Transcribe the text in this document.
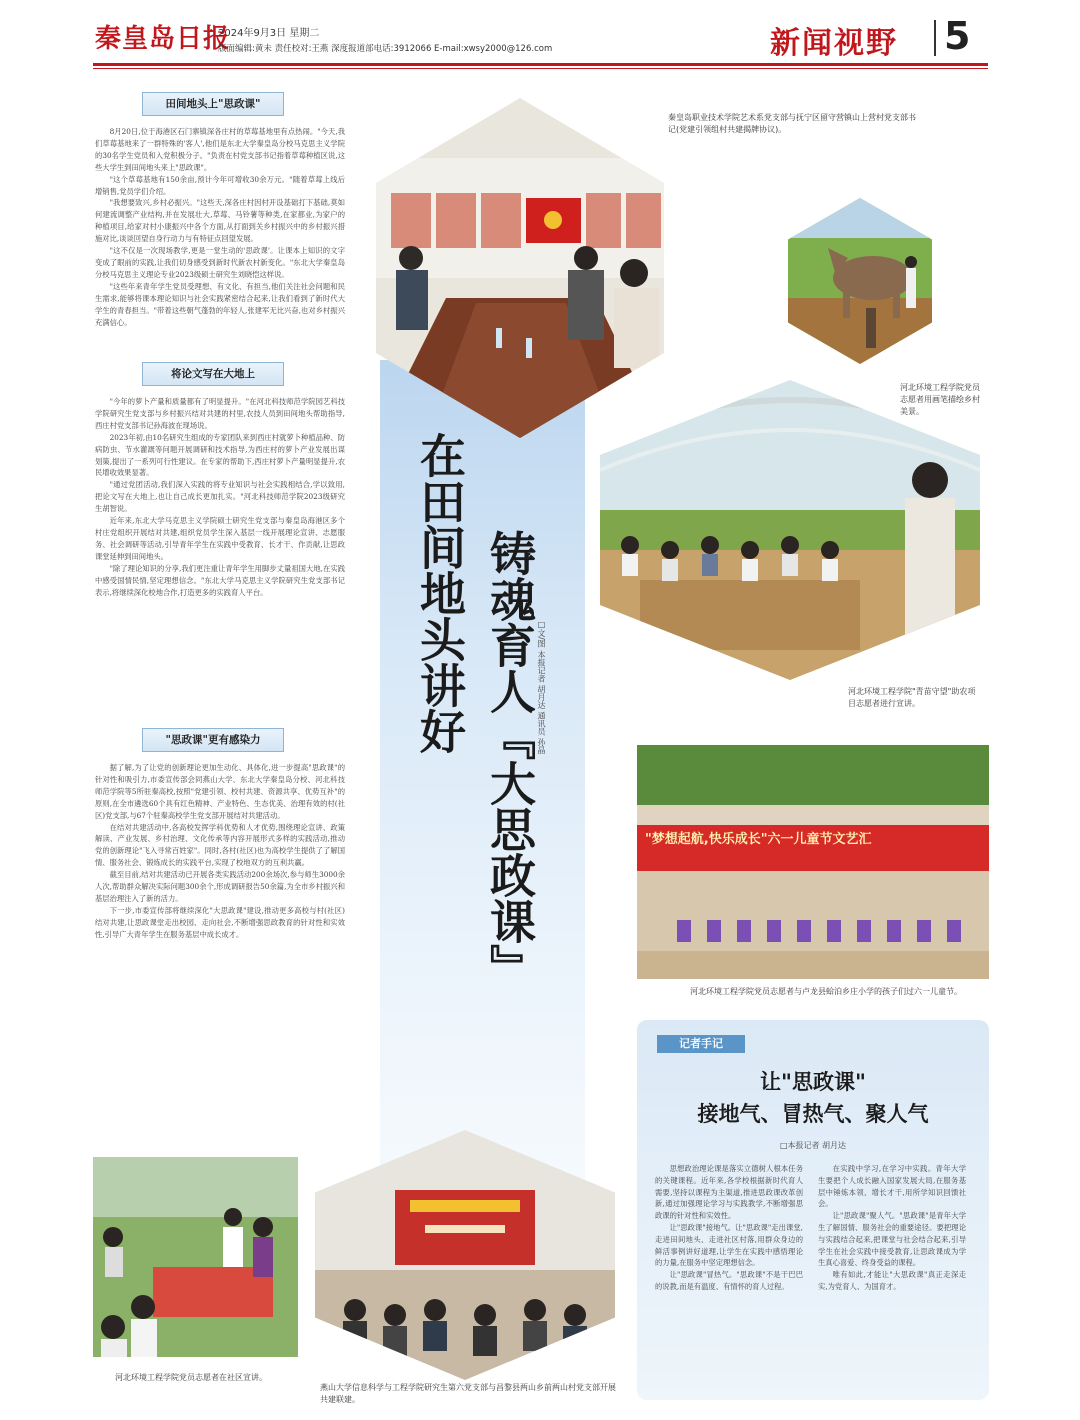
秦皇岛日报
2024年9月3日 星期二
版面编辑:黄未 责任校对:王燕 深度报道部电话:3912066 E-mail:xwsy2000@126.com	新闻视野 5
田间地头上"思政课"

8月20日,位于海港区石门寨镇深各庄村的草莓基地里有点热闹。"今天,我们草莓基地来了一群特殊的'客人',他们是东北大学秦皇岛分校马克思主义学院的30名学生党员和入党积极分子。"负责在村党支部书记指着草莓种植区说,这些大学生到田间地头来上"思政课"。

"这个草莓基地有150余亩,预计今年可增收30余万元。"随着草莓上线后增销售,党员学们介绍。

"我想要致兴,乡村必振兴。"这些天,深各庄村因村开设基础打下基础,莫如何建流调整产业结构,并在发展壮大,草莓、马铃薯等种类,在家都业,为家户的种植项目,给家对村小康振兴中各个方面,从打面到关乡村振兴中的乡村振兴措施对比,谈谈回望自身行动力与有特征点回望发展。

"这不仅是一次现场教学,更是一堂生动的'思政课'。让课本上知识的文字变成了眼前的实践,让我们切身感受到新时代新农村新变化。"东北大学秦皇岛分校马克思主义理论专业2023级硕士研究生刘晓恺这样说。

"这些年来青年学生党员受理想、有文化、有担当,他们关注社会问题和民生需求,能够将课本理论知识与社会实践紧密结合起来,让我们看到了新时代大学生的青春担当。"带着这些朝气蓬勃的年轻人,张建军无比兴奋,也对乡村振兴充满信心。

将论文写在大地上

"今年的萝卜产量和质量都有了明显提升。"在河北科技师范学院园艺科技学院研究生党支部与乡村振兴结对共建的村里,农技人员到田间地头帮助指导,西庄村党支部书记孙海波在现场说。

2023年初,由10名研究生组成的专家团队来到西庄村就萝卜种植品种、防病防虫、节水灌溉等问题开展调研和技术指导,为西庄村的萝卜产业发展出谋划策,提出了一系列可行性建议。在专家的帮助下,西庄村萝卜产量明显提升,农民增收效果显著。

"通过党团活动,我们深入实践的将专业知识与社会实践相结合,学以致用,把论文写在大地上,也让自己成长更加扎实。"河北科技师范学院2023级研究生胡智说。

近年来,东北大学马克思主义学院硕士研究生党支部与秦皇岛海港区多个村庄党组织开展结对共建,组织党员学生深入基层一线开展理论宣讲、志愿服务、社会调研等活动,引导青年学生在实践中受教育、长才干、作贡献,让思政课堂延伸到田间地头。

"除了理论知识的分享,我们更注重让青年学生用脚步丈量祖国大地,在实践中感受国情民情,坚定理想信念。"东北大学马克思主义学院研究生党支部书记表示,将继续深化校地合作,打造更多的实践育人平台。

"思政课"更有感染力

据了解,为了让党的创新理论更加生动化、具体化,进一步提高"思政课"的针对性和吸引力,市委宣传部会同燕山大学、东北大学秦皇岛分校、河北科技师范学院等5所驻秦高校,按照"党建引领、校村共建、资源共享、优势互补"的原则,在全市遴选60个具有红色精神、产业特色、生态优美、治理有效的村(社区)党支部,与67个驻秦高校学生党支部开展结对共建活动。

在结对共建活动中,各高校发挥学科优势和人才优势,围绕理论宣讲、政策解读、产业发展、乡村治理、文化传承等内容开展形式多样的实践活动,推动党的创新理论"飞入寻常百姓家"。同时,各村(社区)也为高校学生提供了了解国情、服务社会、锻炼成长的实践平台,实现了校地双方的互利共赢。

截至目前,结对共建活动已开展各类实践活动200余场次,参与师生3000余人次,帮助群众解决实际问题300余个,形成调研报告50余篇,为全市乡村振兴和基层治理注入了新的活力。

下一步,市委宣传部将继续深化"大思政课"建设,推动更多高校与村(社区)结对共建,让思政课堂走出校园、走向社会,不断增强思政教育的针对性和实效性,引导广大青年学生在服务基层中成长成才。

在田间地头讲好 铸魂育人『大思政课』 □文/图 本报记者 胡月达 通讯员 孙晶
秦皇岛职业技术学院艺术系党支部与抚宁区留守营镇山上营村党支部书记(党建引领组村共建揭牌协议)。
河北环境工程学院党员志愿者用画笔描绘乡村美景。
河北环境工程学院"青苗守望"助农项目志愿者进行宣讲。
"梦想起航,快乐成长"六一儿童节文艺汇
河北环境工程学院党员志愿者与卢龙县蛤泊乡庄小学的孩子们过六一儿童节。
河北环境工程学院党员志愿者在社区宣讲。
燕山大学信息科学与工程学院研究生第六党支部与昌黎县两山乡前两山村党支部开展共建联建。
记者手记
让"思政课"
接地气、冒热气、聚人气
□本报记者 胡月达

思想政治理论课是落实立德树人根本任务的关键课程。近年来,各学校根据新时代育人需要,坚持以课程为主渠道,推进思政课改革创新,通过加强理论学习与实践教学,不断增强思政课的针对性和实效性。

让"思政课"接地气。让"思政课"走出课堂,走进田间地头、走进社区村落,用群众身边的鲜活事例讲好道理,让学生在实践中感悟理论的力量,在服务中坚定理想信念。

让"思政课"冒热气。"思政课"不是干巴巴的说教,而是有温度、有情怀的育人过程。

在实践中学习,在学习中实践。青年大学生要把个人成长融入国家发展大局,在服务基层中锤炼本领、增长才干,用所学知识回馈社会。

让"思政课"聚人气。"思政课"是青年大学生了解国情、服务社会的重要途径。要把理论与实践结合起来,把课堂与社会结合起来,引导学生在社会实践中接受教育,让思政课成为学生真心喜爱、终身受益的课程。

唯有如此,才能让"大思政课"真正走深走实,为党育人、为国育才。
